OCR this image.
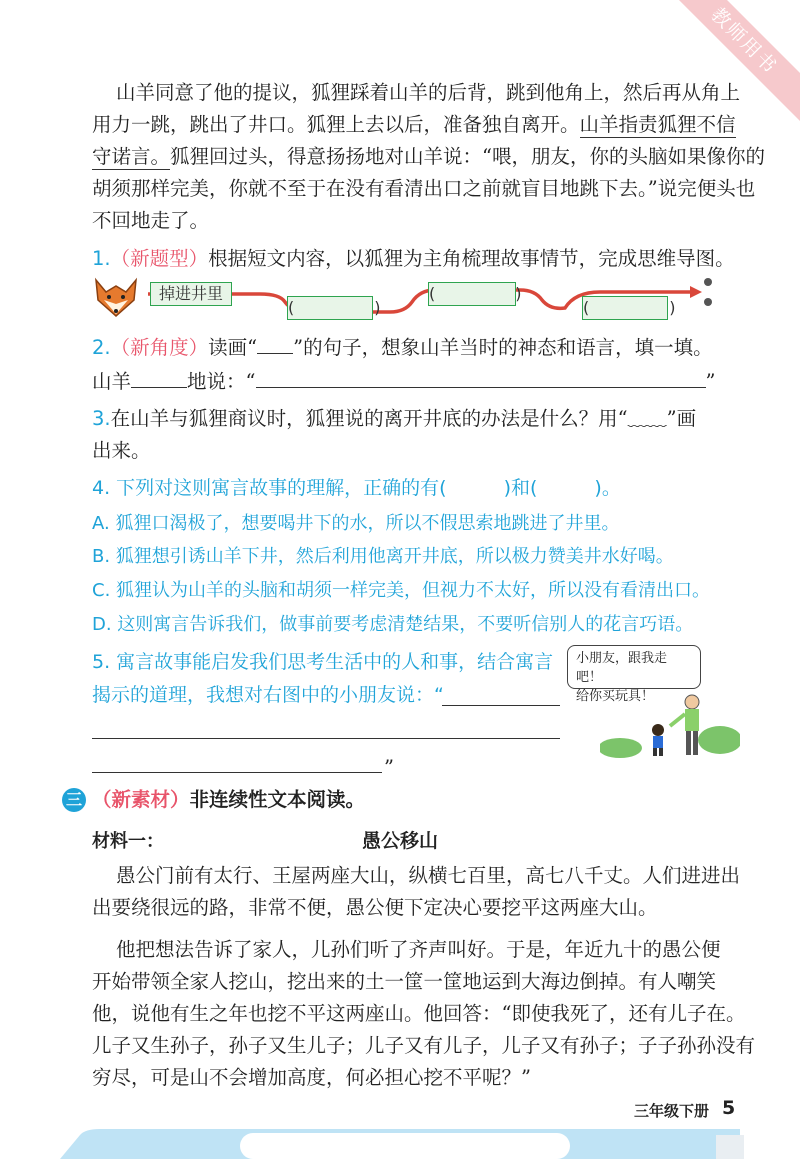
教师用书
山羊同意了他的提议，狐狸踩着山羊的后背，跳到他角上，然后再从角上
用力一跳，跳出了井口。狐狸上去以后，准备独自离开。山羊指责狐狸不信
守诺言。狐狸回过头，得意扬扬地对山羊说：“喂，朋友，你的头脑如果像你的
胡须那样完美，你就不至于在没有看清出口之前就盲目地跳下去。”说完便头也
不回地走了。
1.（新题型）根据短文内容，以狐狸为主角梳理故事情节，完成思维导图。
掉进井里
(　　　　　)
(　　　　　)
(　　　　　)
2.（新角度）读画“ ”的句子，想象山羊当时的神态和语言，填一填。
山羊	地说：“	”
3.在山羊与狐狸商议时，狐狸说的离开井底的办法是什么？用“﹏﹏”画
出来。
4. 下列对这则寓言故事的理解，正确的有(　　　)和(　　　)。
A. 狐狸口渴极了，想要喝井下的水，所以不假思索地跳进了井里。
B. 狐狸想引诱山羊下井，然后利用他离开井底，所以极力赞美井水好喝。
C. 狐狸认为山羊的头脑和胡须一样完美，但视力不太好，所以没有看清出口。
D. 这则寓言告诉我们，做事前要考虑清楚结果，不要听信别人的花言巧语。
5. 寓言故事能启发我们思考生活中的人和事，结合寓言
揭示的道理，我想对右图中的小朋友说：“
”
小朋友，跟我走吧！
给你买玩具！
三 （新素材）非连续性文本阅读。
材料一：	愚公移山
愚公门前有太行、王屋两座大山，纵横七百里，高七八千丈。人们进进出
出要绕很远的路，非常不便，愚公便下定决心要挖平这两座大山。
他把想法告诉了家人，儿孙们听了齐声叫好。于是，年近九十的愚公便
开始带领全家人挖山，挖出来的土一筐一筐地运到大海边倒掉。有人嘲笑
他，说他有生之年也挖不平这两座山。他回答：“即使我死了，还有儿子在。
儿子又生孙子，孙子又生儿子；儿子又有儿子，儿子又有孙子；子子孙孙没有
穷尽，可是山不会增加高度，何必担心挖不平呢？”
三年级下册 5
